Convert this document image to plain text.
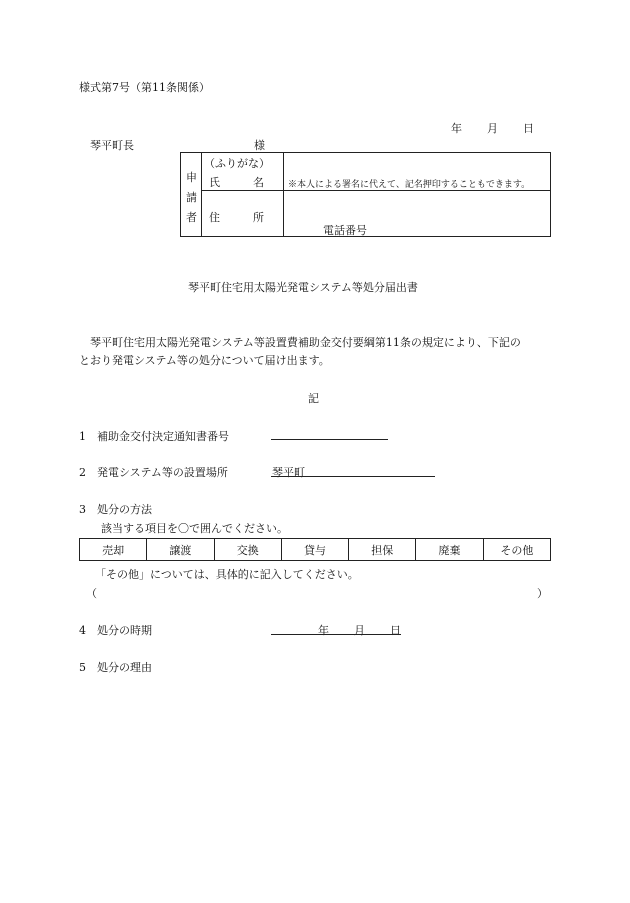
様式第7号（第11条関係）
年 月 日
琴平町長	様
申
請
者
（ふりがな）
氏　　　名	※本人による署名に代えて、記名押印することもできます。
住　　　所
電話番号
琴平町住宅用太陽光発電システム等処分届出書
琴平町住宅用太陽光発電システム等設置費補助金交付要綱第11条の規定により、下記の
とおり発電システム等の処分について届け出ます。
記
1　補助金交付決定通知書番号
2　発電システム等の設置場所	琴平町
3　処分の方法
該当する項目を〇で囲んでください。
売却	譲渡	交換	貸与	担保	廃棄	その他
「その他」については、具体的に記入してください。
（	）
4　処分の時期	年 月 日
5　処分の理由
